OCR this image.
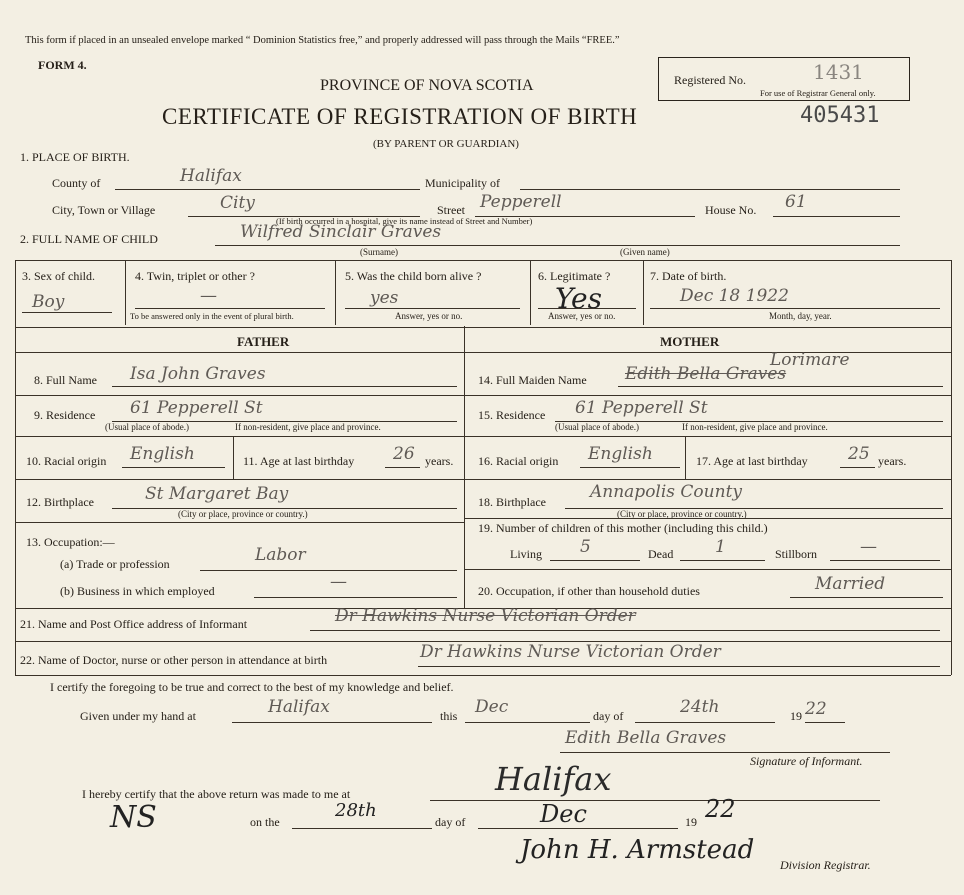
This form if placed in an unsealed envelope marked “ Dominion Statistics free,” and properly addressed will pass through the Mails “FREE.”
FORM 4.
PROVINCE OF NOVA SCOTIA
CERTIFICATE OF REGISTRATION OF BIRTH
(BY PARENT OR GUARDIAN)
Registered No.	1431
For use of Registrar General only.
405431
1. PLACE OF BIRTH.
County of	Halifax	Municipality of
City, Town or Village	City	Street Pepperell	House No. 61
(If birth occurred in a hospital, give its name instead of Street and Number)
2. FULL NAME OF CHILD	Wilfred Sinclair Graves
(Surname)	(Given name)
3. Sex of child.
Boy
4. Twin, triplet or other ?
—
To be answered only in the event of plural birth.
5. Was the child born alive ?
yes
Answer, yes or no.
6. Legitimate ?
Yes
Answer, yes or no.
7. Date of birth.
Dec 18 1922
Month, day, year.
FATHER	MOTHER
8. Full Name Isa John Graves
9. Residence 61 Pepperell St
(Usual place of abode.)	If non-resident, give place and province.
10. Racial origin English	11. Age at last birthday 26 years.
12. Birthplace	St Margaret Bay
(City or place, province or country.)
13. Occupation:—
(a) Trade or profession	Labor
(b) Business in which employed	—
Lorimare
14. Full Maiden Name Edith Bella Graves
15. Residence 61 Pepperell St
(Usual place of abode.)	If non-resident, give place and province.
16. Racial origin English	17. Age at last birthday 25 years.
18. Birthplace	Annapolis County
(City or place, province or country.)
19. Number of children of this mother (including this child.)
Living 5	Dead 1	Stillborn	—
20. Occupation, if other than household duties	Married
21. Name and Post Office address of Informant	Dr Hawkins Nurse Victorian Order
22. Name of Doctor, nurse or other person in attendance at birth	Dr Hawkins Nurse Victorian Order
I certify the foregoing to be true and correct to the best of my knowledge and belief.
Given under my hand at	Halifax	this Dec	day of	24th	19 22
Edith Bella Graves
Signature of Informant.
I hereby certify that the above return was made to me at	Halifax
NS	on the
28th
day of	Dec	19 22
John H. Armstead Division Registrar.
